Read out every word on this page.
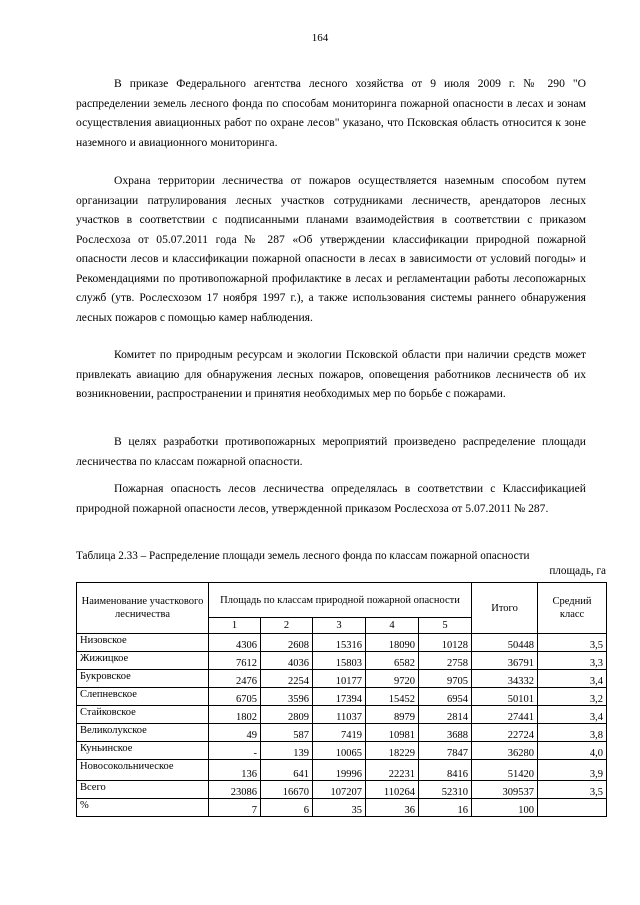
164

В приказе Федерального агентства лесного хозяйства от 9 июля 2009 г. № 290 "О распределении земель лесного фонда по способам мониторинга пожарной опасности в лесах и зонам осуществления авиационных работ по охране лесов" указано, что Псковская область относится к зоне наземного и авиационного мониторинга.

Охрана территории лесничества от пожаров осуществляется наземным способом путем организации патрулирования лесных участков сотрудниками лесничеств, арендаторов лесных участков в соответствии с подписанными планами взаимодействия в соответствии с приказом Рослесхоза от 05.07.2011 года № 287 «Об утверждении классификации природной пожарной опасности лесов и классификации пожарной опасности в лесах в зависимости от условий погоды» и Рекомендациями по противопожарной профилактике в лесах и регламентации работы лесопожарных служб (утв. Рослесхозом 17 ноября 1997 г.), а также использования системы раннего обнаружения лесных пожаров с помощью камер наблюдения.

Комитет по природным ресурсам и экологии Псковской области при наличии средств может привлекать авиацию для обнаружения лесных пожаров, оповещения работников лесничеств об их возникновении, распространении и принятия необходимых мер по борьбе с пожарами.

В целях разработки противопожарных мероприятий произведено распределение площади лесничества по классам пожарной опасности.

Пожарная опасность лесов лесничества определялась в соответствии с Классификацией природной пожарной опасности лесов, утвержденной приказом Рослесхоза от 5.07.2011 № 287.

Таблица 2.33 – Распределение площади земель лесного фонда по классам пожарной опасности

площадь, га
Наименование участкового лесничества	Площадь по классам природной пожарной опасности					Итого	Средний класс
	1	2	3	4	5		
Низовское	4306	2608	15316	18090	10128	50448	3,5
Жижицкое	7612	4036	15803	6582	2758	36791	3,3
Букровское	2476	2254	10177	9720	9705	34332	3,4
Слепневское	6705	3596	17394	15452	6954	50101	3,2
Стайковское	1802	2809	11037	8979	2814	27441	3,4
Великолукское	49	587	7419	10981	3688	22724	3,8
Куньинское	-	139	10065	18229	7847	36280	4,0
Новосокольническое	136	641	19996	22231	8416	51420	3,9
Всего	23086	16670	107207	110264	52310	309537	3,5
%	7	6	35	36	16	100	
